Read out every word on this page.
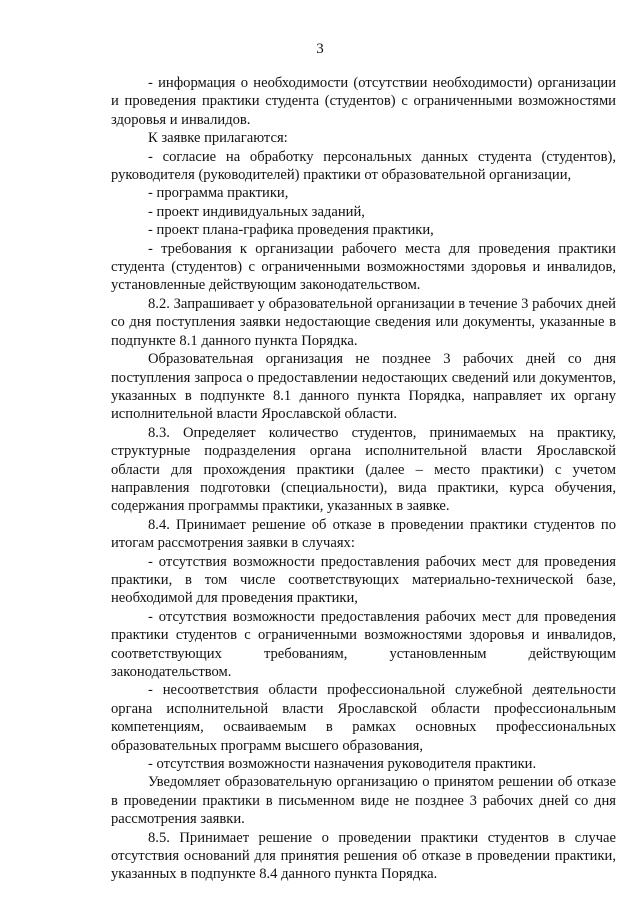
3

- информация о необходимости (отсутствии необходимости) организации и проведения практики студента (студентов) с ограниченными возможностями здоровья и инвалидов.

К заявке прилагаются:

- согласие на обработку персональных данных студента (студентов), руководителя (руководителей) практики от образовательной организации,

- программа практики,

- проект индивидуальных заданий,

- проект плана-графика проведения практики,

- требования к организации рабочего места для проведения практики студента (студентов) с ограниченными возможностями здоровья и инвалидов, установленные действующим законодательством.

8.2. Запрашивает у образовательной организации в течение 3 рабочих дней со дня поступления заявки недостающие сведения или документы, указанные в подпункте 8.1 данного пункта Порядка.

Образовательная организация не позднее 3 рабочих дней со дня поступления запроса о предоставлении недостающих сведений или документов, указанных в подпункте 8.1 данного пункта Порядка, направляет их органу исполнительной власти Ярославской области.

8.3. Определяет количество студентов, принимаемых на практику, структурные подразделения органа исполнительной власти Ярославской области для прохождения практики (далее – место практики) с учетом направления подготовки (специальности), вида практики, курса обучения, содержания программы практики, указанных в заявке.

8.4. Принимает решение об отказе в проведении практики студентов по итогам рассмотрения заявки в случаях:

- отсутствия возможности предоставления рабочих мест для проведения практики, в том числе соответствующих материально-технической базе, необходимой для проведения практики,

- отсутствия возможности предоставления рабочих мест для проведения практики студентов с ограниченными возможностями здоровья и инвалидов, соответствующих требованиям, установленным действующим законодательством.

- несоответствия области профессиональной служебной деятельности органа исполнительной власти Ярославской области профессиональным компетенциям, осваиваемым в рамках основных профессиональных образовательных программ высшего образования,

- отсутствия возможности назначения руководителя практики.

Уведомляет образовательную организацию о принятом решении об отказе в проведении практики в письменном виде не позднее 3 рабочих дней со дня рассмотрения заявки.

8.5. Принимает решение о проведении практики студентов в случае отсутствия оснований для принятия решения об отказе в проведении практики, указанных в подпункте 8.4 данного пункта Порядка.
